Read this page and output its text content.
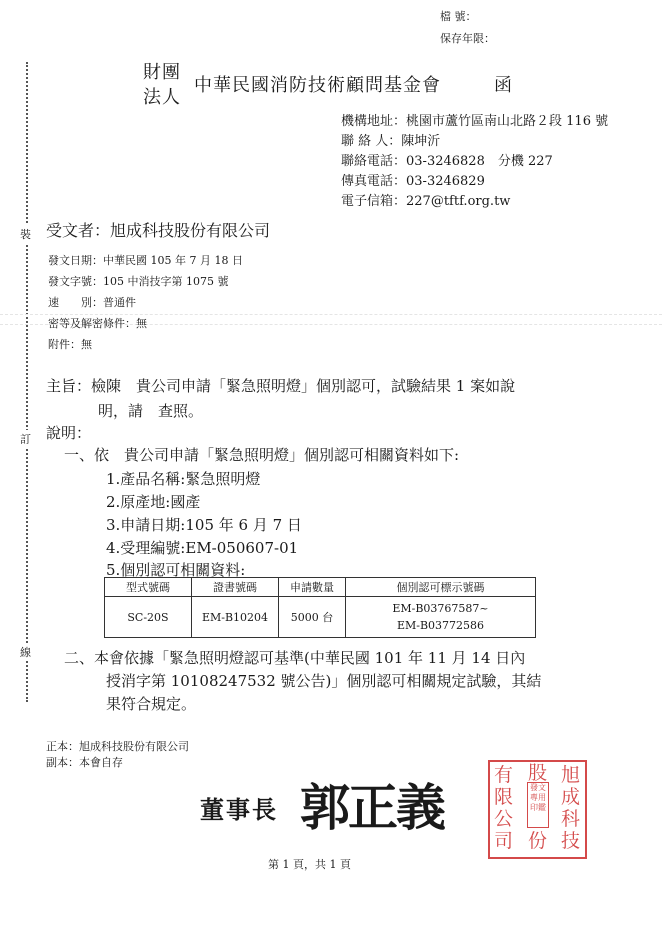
檔 號：
保存年限：
裝
訂
線
財團
法人
中華民國消防技術顧問基金會	函
機構地址：桃園市蘆竹區南山北路２段 116 號
聯 絡 人：陳坤沂
聯絡電話：03-3246828　分機 227
傳真電話：03-3246829
電子信箱：227@tftf.org.tw
受文者：旭成科技股份有限公司
發文日期：中華民國 105 年 7 月 18 日
發文字號：105 中消技字第 1075 號
速　　別：普通件
密等及解密條件：無
附件：無
主旨：檢陳　貴公司申請「緊急照明燈」個別認可，試驗結果 1 案如說
明，請　查照。
說明：
一、依　貴公司申請「緊急照明燈」個別認可相關資料如下:
1.產品名稱:緊急照明燈
2.原產地:國產
3.申請日期:105 年 6 月 7 日
4.受理編號:EM-050607-01
5.個別認可相關資料:
型式號碼	證書號碼	申請數量	個別認可標示號碼
SC-20S	EM-B10204	5000 台	EM-B03767587~
EM-B03772586
二、本會依據「緊急照明燈認可基準(中華民國 101 年 11 月 14 日內
授消字第 10108247532 號公告)」個別認可相關規定試驗，其結
果符合規定。
正本：旭成科技股份有限公司
副本：本會自存
董事長 郭正義
旭
成
科
技
股
份
有
限
公
司
發文專用印鑑
第 1 頁，共 1 頁
